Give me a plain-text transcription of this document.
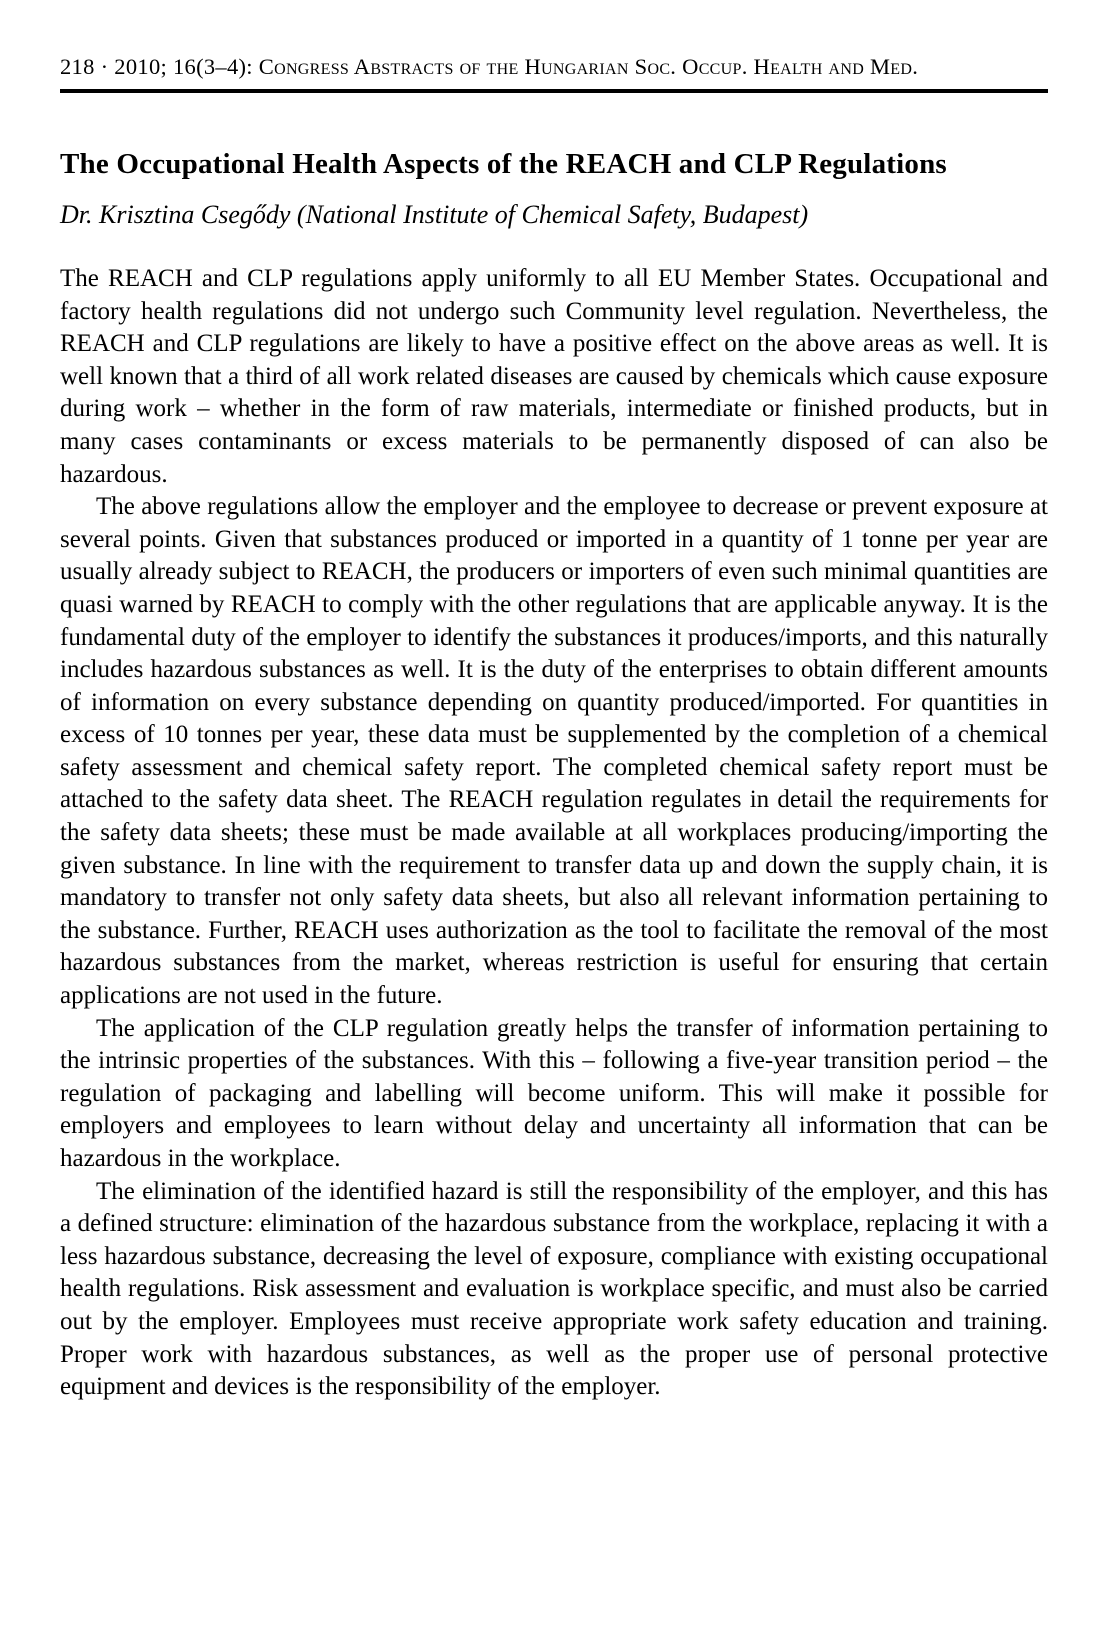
218 · 2010; 16(3–4): Congress Abstracts of the Hungarian Soc. Occup. Health and Med.
The Occupational Health Aspects of the REACH and CLP Regulations

Dr. Krisztina Csegődy (National Institute of Chemical Safety, Budapest)

The REACH and CLP regulations apply uniformly to all EU Member States. Occupational and factory health regulations did not undergo such Community level regulation. Nevertheless, the REACH and CLP regulations are likely to have a positive effect on the above areas as well. It is well known that a third of all work related diseases are caused by chemicals which cause exposure during work – whether in the form of raw materials, intermediate or finished products, but in many cases contaminants or excess materials to be permanently disposed of can also be hazardous.

The above regulations allow the employer and the employee to decrease or prevent exposure at several points. Given that substances produced or imported in a quantity of 1 tonne per year are usually already subject to REACH, the producers or importers of even such minimal quantities are quasi warned by REACH to comply with the other regulations that are applicable anyway. It is the fundamental duty of the employer to identify the substances it produces/imports, and this naturally includes hazardous substances as well. It is the duty of the enterprises to obtain different amounts of information on every substance depending on quantity produced/imported. For quantities in excess of 10 tonnes per year, these data must be supplemented by the completion of a chemical safety assessment and chemical safety report. The completed chemical safety report must be attached to the safety data sheet. The REACH regulation regulates in detail the requirements for the safety data sheets; these must be made available at all workplaces producing/importing the given substance. In line with the requirement to transfer data up and down the supply chain, it is mandatory to transfer not only safety data sheets, but also all relevant information pertaining to the substance. Further, REACH uses authorization as the tool to facilitate the removal of the most hazardous substances from the market, whereas restriction is useful for ensuring that certain applications are not used in the future.

The application of the CLP regulation greatly helps the transfer of information pertaining to the intrinsic properties of the substances. With this – following a five-year transition period – the regulation of packaging and labelling will become uniform. This will make it possible for employers and employees to learn without delay and uncertainty all information that can be hazardous in the workplace.

The elimination of the identified hazard is still the responsibility of the employer, and this has a defined structure: elimination of the hazardous substance from the workplace, replacing it with a less hazardous substance, decreasing the level of exposure, compliance with existing occupational health regulations. Risk assessment and evaluation is workplace specific, and must also be carried out by the employer. Employees must receive appropriate work safety education and training. Proper work with hazardous substances, as well as the proper use of personal protective equipment and devices is the responsibility of the employer.
